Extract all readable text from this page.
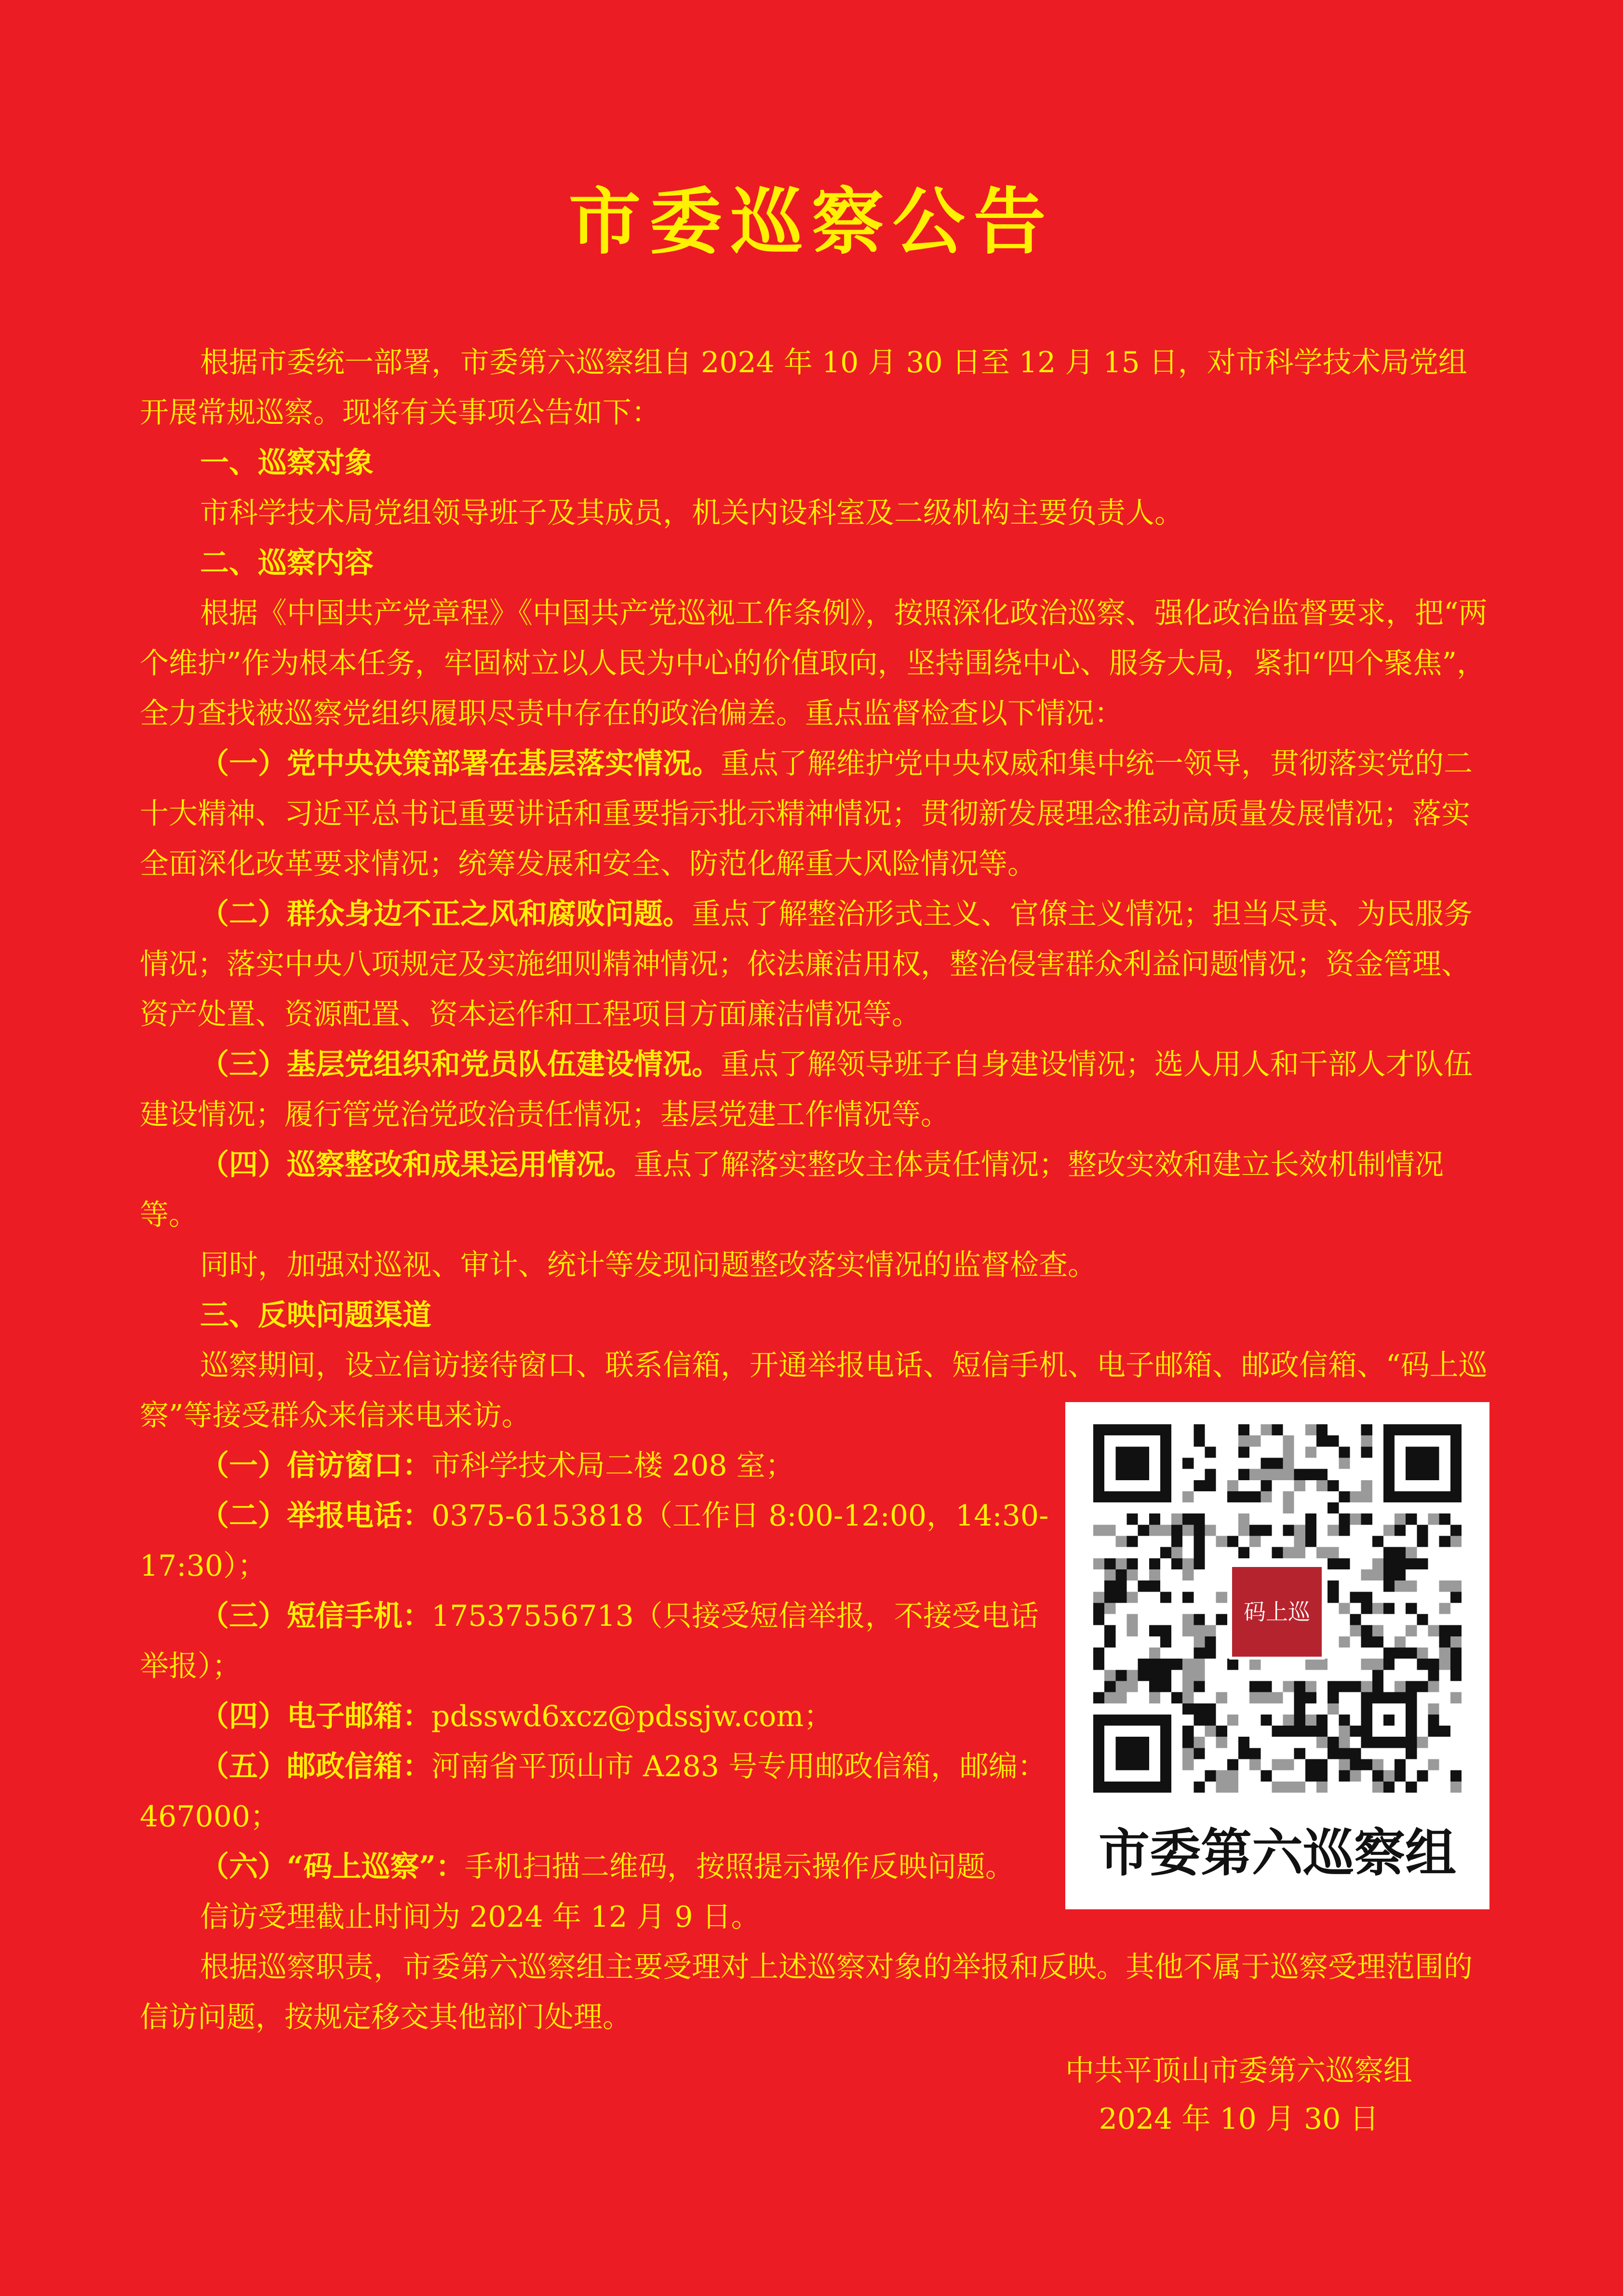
市委巡察公告

根据市委统一部署，市委第六巡察组自 2024 年 10 月 30 日至 12 月 15 日，对市科学技术局党组开展常规巡察。现将有关事项公告如下：

一、巡察对象

市科学技术局党组领导班子及其成员，机关内设科室及二级机构主要负责人。

二、巡察内容

根据《中国共产党章程》《中国共产党巡视工作条例》，按照深化政治巡察、强化政治监督要求，把“两个维护”作为根本任务，牢固树立以人民为中心的价值取向，坚持围绕中心、服务大局，紧扣“四个聚焦”，全力查找被巡察党组织履职尽责中存在的政治偏差。重点监督检查以下情况：

（一）党中央决策部署在基层落实情况。重点了解维护党中央权威和集中统一领导，贯彻落实党的二十大精神、习近平总书记重要讲话和重要指示批示精神情况；贯彻新发展理念推动高质量发展情况；落实全面深化改革要求情况；统筹发展和安全、防范化解重大风险情况等。

（二）群众身边不正之风和腐败问题。重点了解整治形式主义、官僚主义情况；担当尽责、为民服务情况；落实中央八项规定及实施细则精神情况；依法廉洁用权，整治侵害群众利益问题情况；资金管理、资产处置、资源配置、资本运作和工程项目方面廉洁情况等。

（三）基层党组织和党员队伍建设情况。重点了解领导班子自身建设情况；选人用人和干部人才队伍建设情况；履行管党治党政治责任情况；基层党建工作情况等。

（四）巡察整改和成果运用情况。重点了解落实整改主体责任情况；整改实效和建立长效机制情况等。

同时，加强对巡视、审计、统计等发现问题整改落实情况的监督检查。

三、反映问题渠道

巡察期间，设立信访接待窗口、联系信箱，开通举报电话、短信手机、电子邮箱、邮政信箱、“码上巡察”等接受群众来信来电来访。

（一）信访窗口：市科学技术局二楼 208 室；

（二）举报电话：0375-6153818（工作日 8:00-12:00，14:30-17:30）；

（三）短信手机：17537556713（只接受短信举报，不接受电话举报）；

（四）电子邮箱：pdsswd6xcz@pdssjw.com；

（五）邮政信箱：河南省平顶山市 A283 号专用邮政信箱，邮编：467000；

（六）“码上巡察”：手机扫描二维码，按照提示操作反映问题。

信访受理截止时间为 2024 年 12 月 9 日。

根据巡察职责，市委第六巡察组主要受理对上述巡察对象的举报和反映。其他不属于巡察受理范围的信访问题，按规定移交其他部门处理。

码上巡
市委第六巡察组
中共平顶山市委第六巡察组
2024 年 10 月 30 日
